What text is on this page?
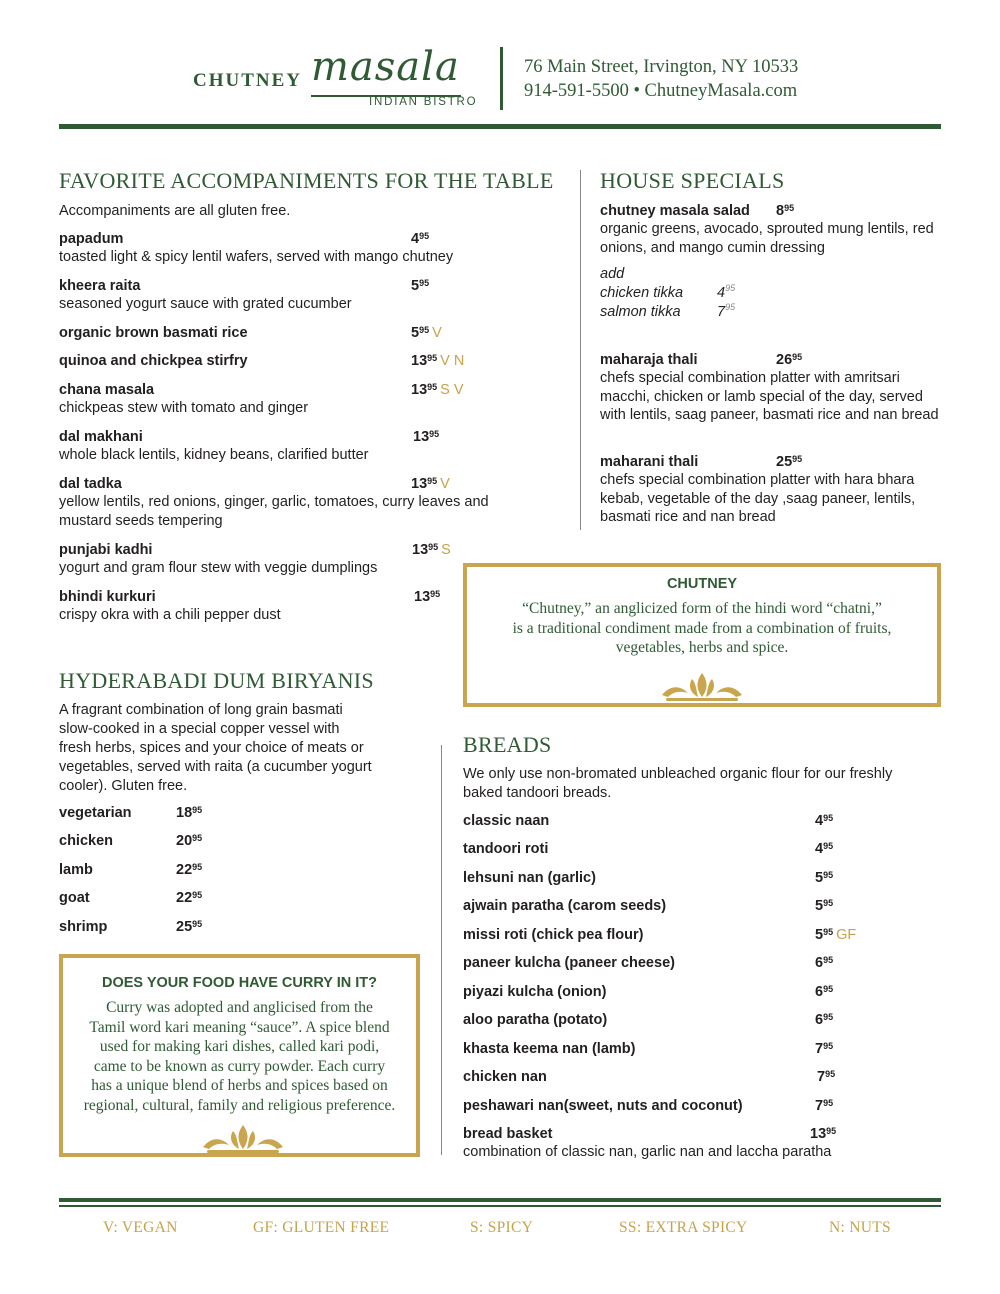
CHUTNEY masala
INDIAN BISTRO
76 Main Street, Irvington, NY 10533
914-591-5500 • ChutneyMasala.com
FAVORITE ACCOMPANIMENTS FOR THE TABLE
Accompaniments are all gluten free.
papadum	$4^{95}$
toasted light & spicy lentil wafers, served with mango chutney
kheera raita	$5^{95}$
seasoned yogurt sauce with grated cucumber
organic brown basmati rice	$5^{95}$ V
quinoa and chickpea stirfry	$13^{95}$ V N
chana masala	$13^{95}$ S V
chickpeas stew with tomato and ginger
dal makhani	$13^{95}$
whole black lentils, kidney beans, clarified butter
dal tadka	$13^{95}$ V
yellow lentils, red onions, ginger, garlic, tomatoes, curry leaves and mustard seeds tempering
punjabi kadhi	$13^{95}$ S
yogurt and gram flour stew with veggie dumplings
bhindi kurkuri	$13^{95}$
crispy okra with a chili pepper dust
HOUSE SPECIALS
chutney masala salad	$8^{95}$
organic greens, avocado, sprouted mung lentils, red onions, and mango cumin dressing
add
chicken tikka $4^{95}$
salmon tikka	$7^{95}$
maharaja thali	$26^{95}$
chefs special combination platter with amritsari macchi, chicken or lamb special of the day, served with lentils, saag paneer, basmati rice and nan bread
maharani thali	$25^{95}$
chefs special combination platter with hara bhara kebab, vegetable of the day ,saag paneer, lentils, basmati rice and nan bread
CHUTNEY
“Chutney,” an anglicized form of the hindi word “chatni,”
is a traditional condiment made from a combination of fruits,
vegetables, herbs and spice.
HYDERABADI DUM BIRYANIS
A fragrant combination of long grain basmati
slow-cooked in a special copper vessel with
fresh herbs, spices and your choice of meats or
vegetables, served with raita (a cucumber yogurt
cooler). Gluten free.
vegetarian	$18^{95}$
chicken	$20^{95}$
lamb	$22^{95}$
goat	$22^{95}$
shrimp	$25^{95}$
DOES YOUR FOOD HAVE CURRY IN IT?
Curry was adopted and anglicised from the
Tamil word kari meaning “sauce”. A spice blend
used for making kari dishes, called kari podi,
came to be known as curry powder. Each curry
has a unique blend of herbs and spices based on
regional, cultural, family and religious preference.
BREADS
We only use non-bromated unbleached organic flour for our freshly
baked tandoori breads.
classic naan	$4^{95}$
tandoori roti	$4^{95}$
lehsuni nan (garlic)	$5^{95}$
ajwain paratha (carom seeds)	$5^{95}$
missi roti (chick pea flour)	$5^{95}$ GF
paneer kulcha (paneer cheese)	$6^{95}$
piyazi kulcha (onion)	$6^{95}$
aloo paratha (potato)	$6^{95}$
khasta keema nan (lamb)	$7^{95}$
chicken nan	$7^{95}$
peshawari nan(sweet, nuts and coconut)	$7^{95}$
bread basket	$13^{95}$
combination of classic nan, garlic nan and laccha paratha
V: VEGAN	GF: GLUTEN FREE	S: SPICY	SS: EXTRA SPICY	N: NUTS
